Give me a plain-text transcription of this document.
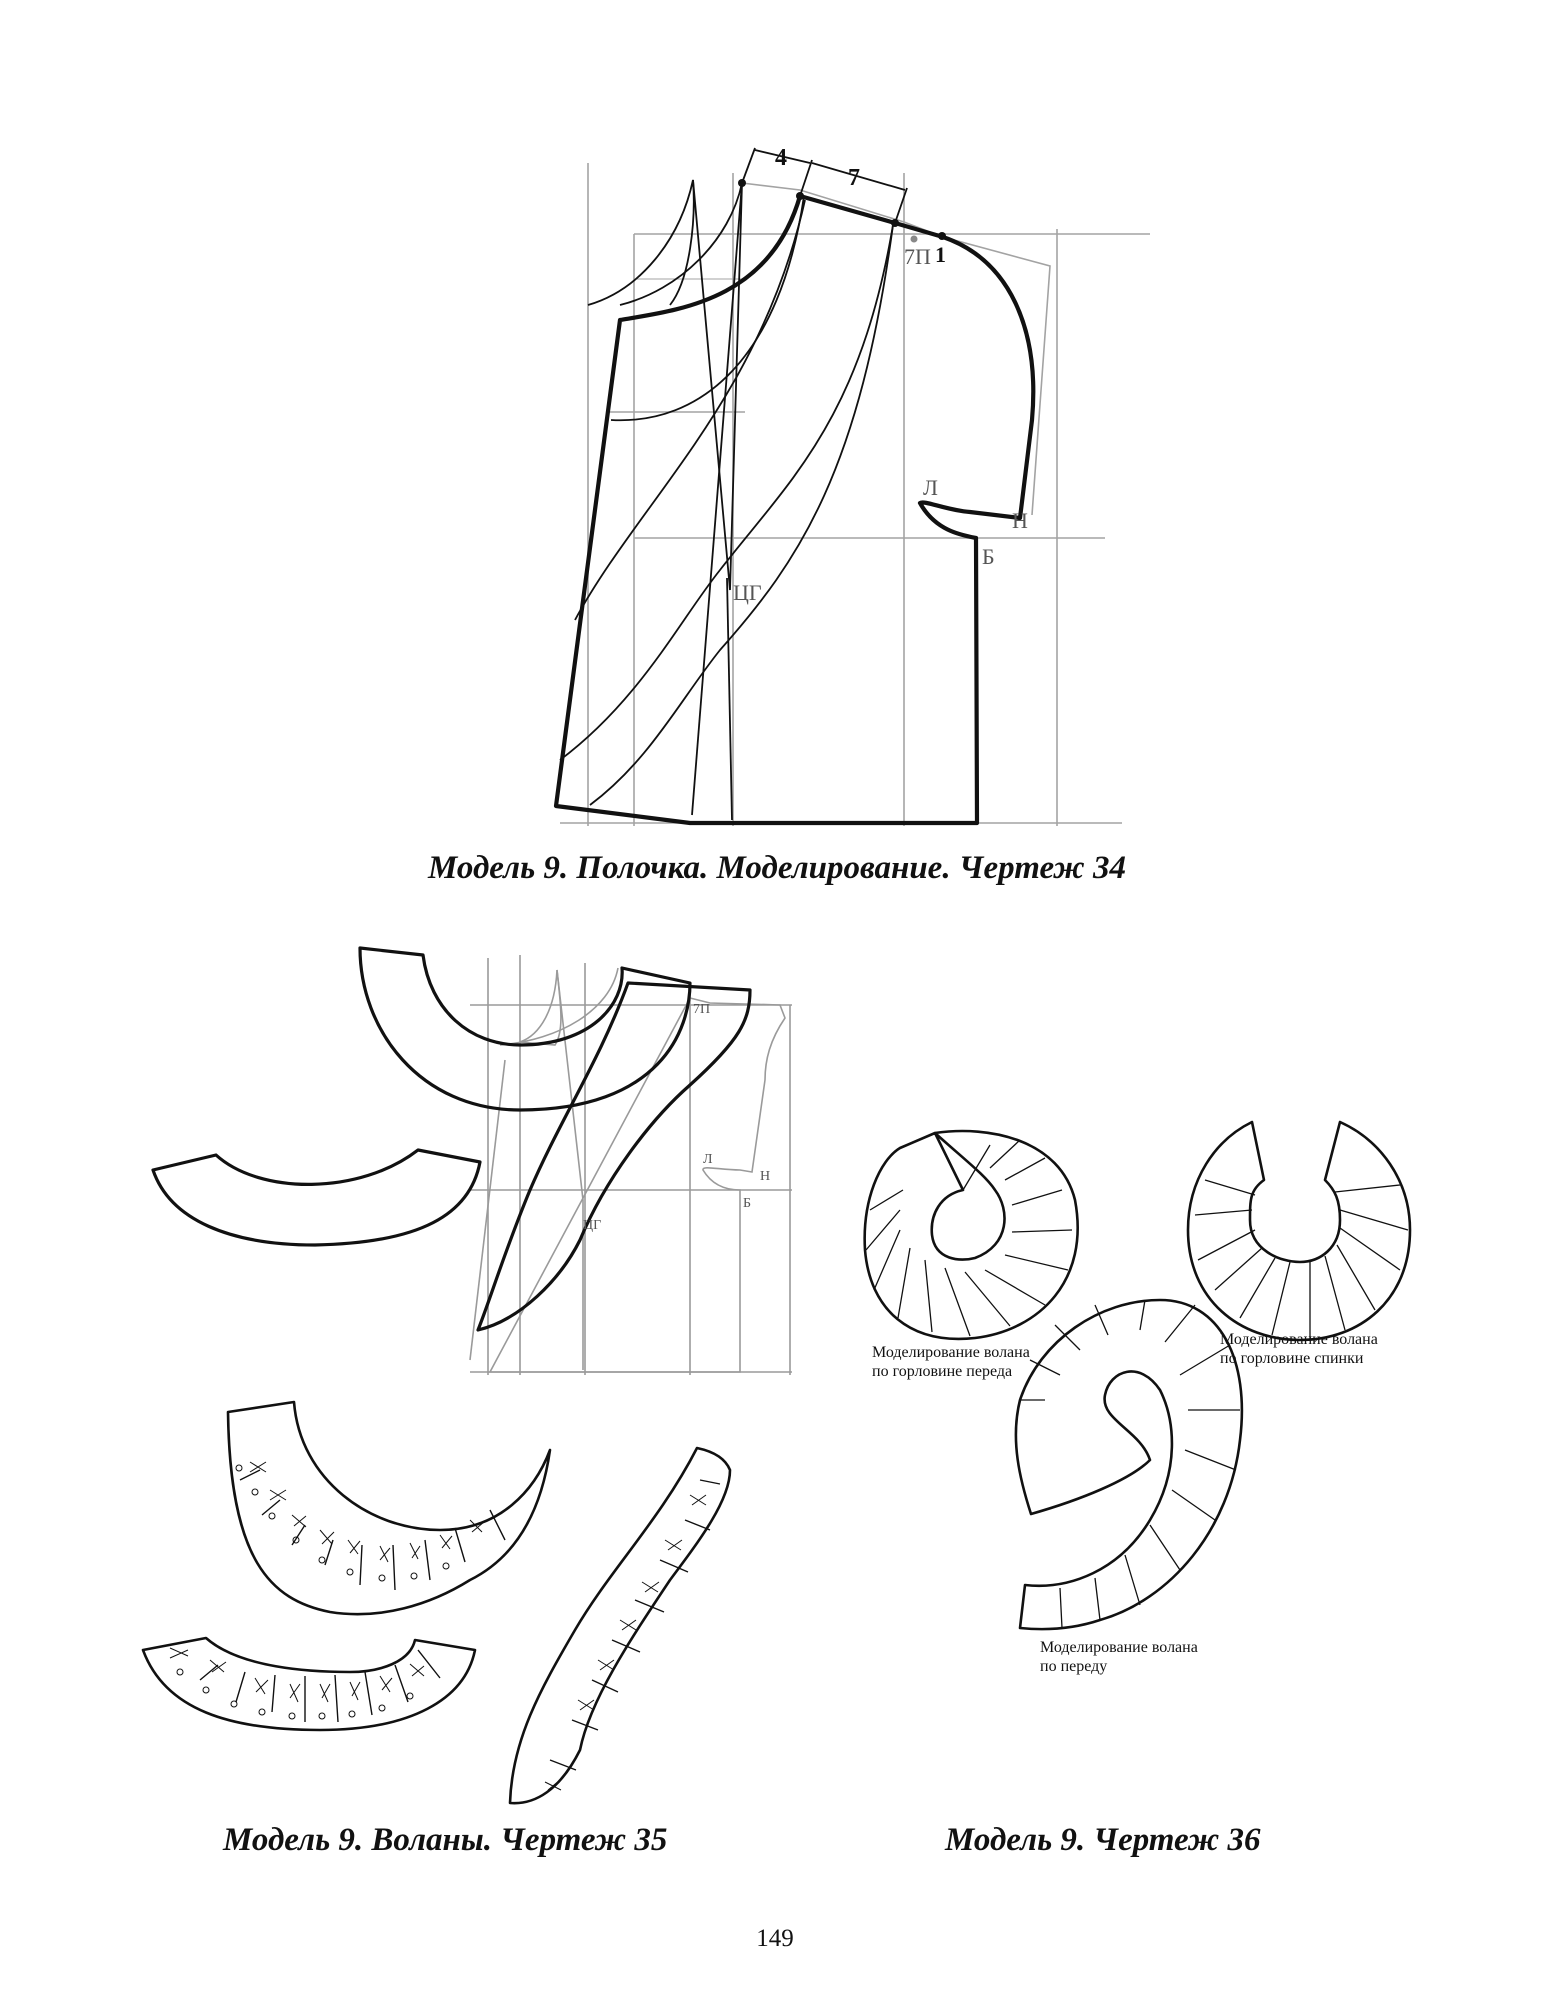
4
7
7П 1
Л
Н
Б
ЦГ
Модель 9. Полочка. Моделирование. Чертеж 34
7П
Л
Н
Б
ЦГ
Модель 9. Воланы. Чертеж 35
Моделирование волана
по горловине переда
Моделирование волана
по горловине спинки
Моделирование волана
по переду
Модель 9. Чертеж 36
149
